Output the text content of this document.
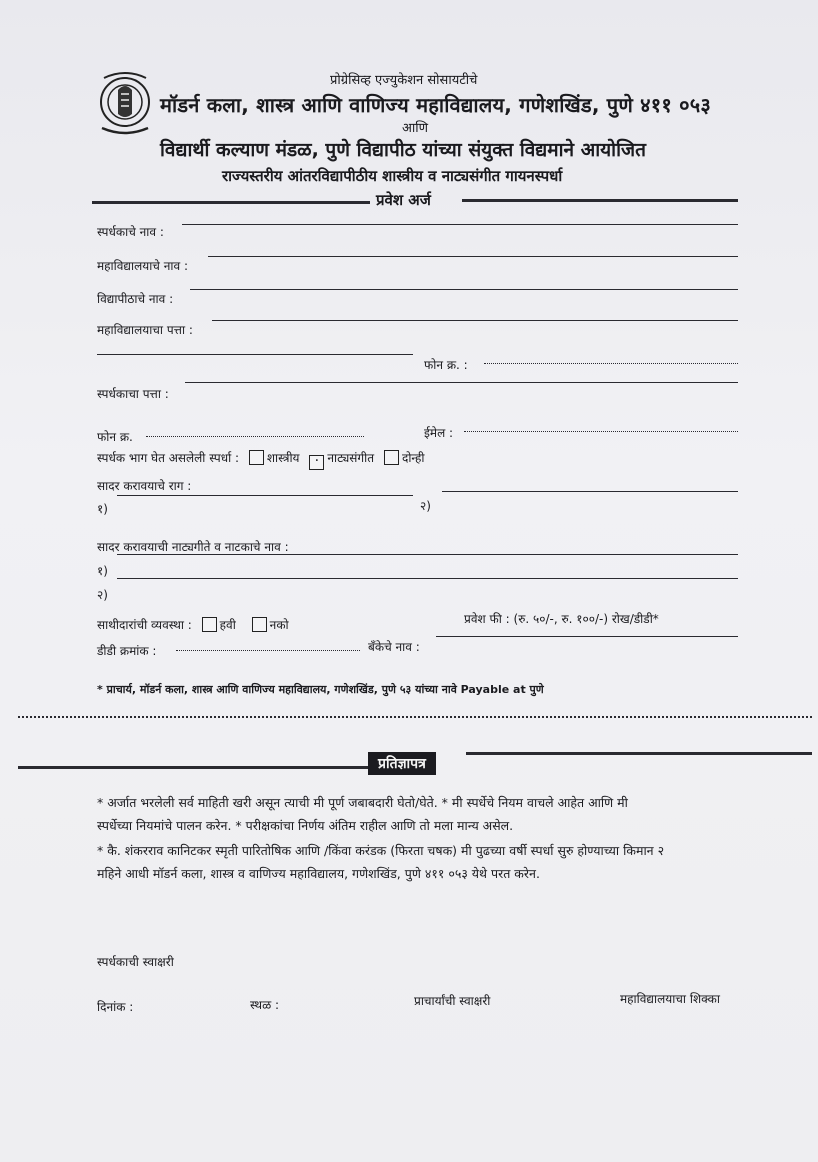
प्रोग्रेसिव्ह एज्युकेशन सोसायटीचे
मॉडर्न कला, शास्त्र आणि वाणिज्य महाविद्यालय, गणेशखिंड, पुणे ४११ ०५३
आणि
विद्यार्थी कल्याण मंडळ, पुणे विद्यापीठ यांच्या संयुक्त विद्यमाने आयोजित
राज्यस्तरीय आंतरविद्यापीठीय शास्त्रीय व नाट्यसंगीत गायनस्पर्धा
प्रवेश अर्ज
स्पर्धकाचे नाव :
महाविद्यालयाचे नाव :
विद्यापीठाचे नाव :
महाविद्यालयाचा पत्ता :
फोन क्र. :
स्पर्धकाचा पत्ता :
फोन क्र.	ईमेल :
स्पर्धक भाग घेत असलेली स्पर्धा : शास्त्रीय · नाट्यसंगीत दोन्ही
सादर करावयाचे राग :
१)	२)
सादर करावयाची नाट्यगीते व नाटकाचे नाव :
१)
२)
साथीदारांची व्यवस्था : हवी	नको	प्रवेश फी : (रु. ५०/-, रु. १००/-) रोख/डीडी*
डीडी क्रमांक :	बँकेचे नाव :
* प्राचार्य, मॉडर्न कला, शास्त्र आणि वाणिज्य महाविद्यालय, गणेशखिंड, पुणे ५३ यांच्या नावे Payable at पुणे
प्रतिज्ञापत्र
* अर्जात भरलेली सर्व माहिती खरी असून त्याची मी पूर्ण जबाबदारी घेतो/घेते. * मी स्पर्धेचे नियम वाचले आहेत आणि मी
स्पर्धेच्या नियमांचे पालन करेन. * परीक्षकांचा निर्णय अंतिम राहील आणि तो मला मान्य असेल.
* कै. शंकरराव कानिटकर स्मृती पारितोषिक आणि /किंवा करंडक (फिरता चषक) मी पुढच्या वर्षी स्पर्धा सुरु होण्याच्या किमान २
महिने आधी मॉडर्न कला, शास्त्र व वाणिज्य महाविद्यालय, गणेशखिंड, पुणे ४११ ०५३ येथे परत करेन.
स्पर्धकाची स्वाक्षरी
दिनांक :	स्थळ :	प्राचार्यांची स्वाक्षरी	महाविद्यालयाचा शिक्का
